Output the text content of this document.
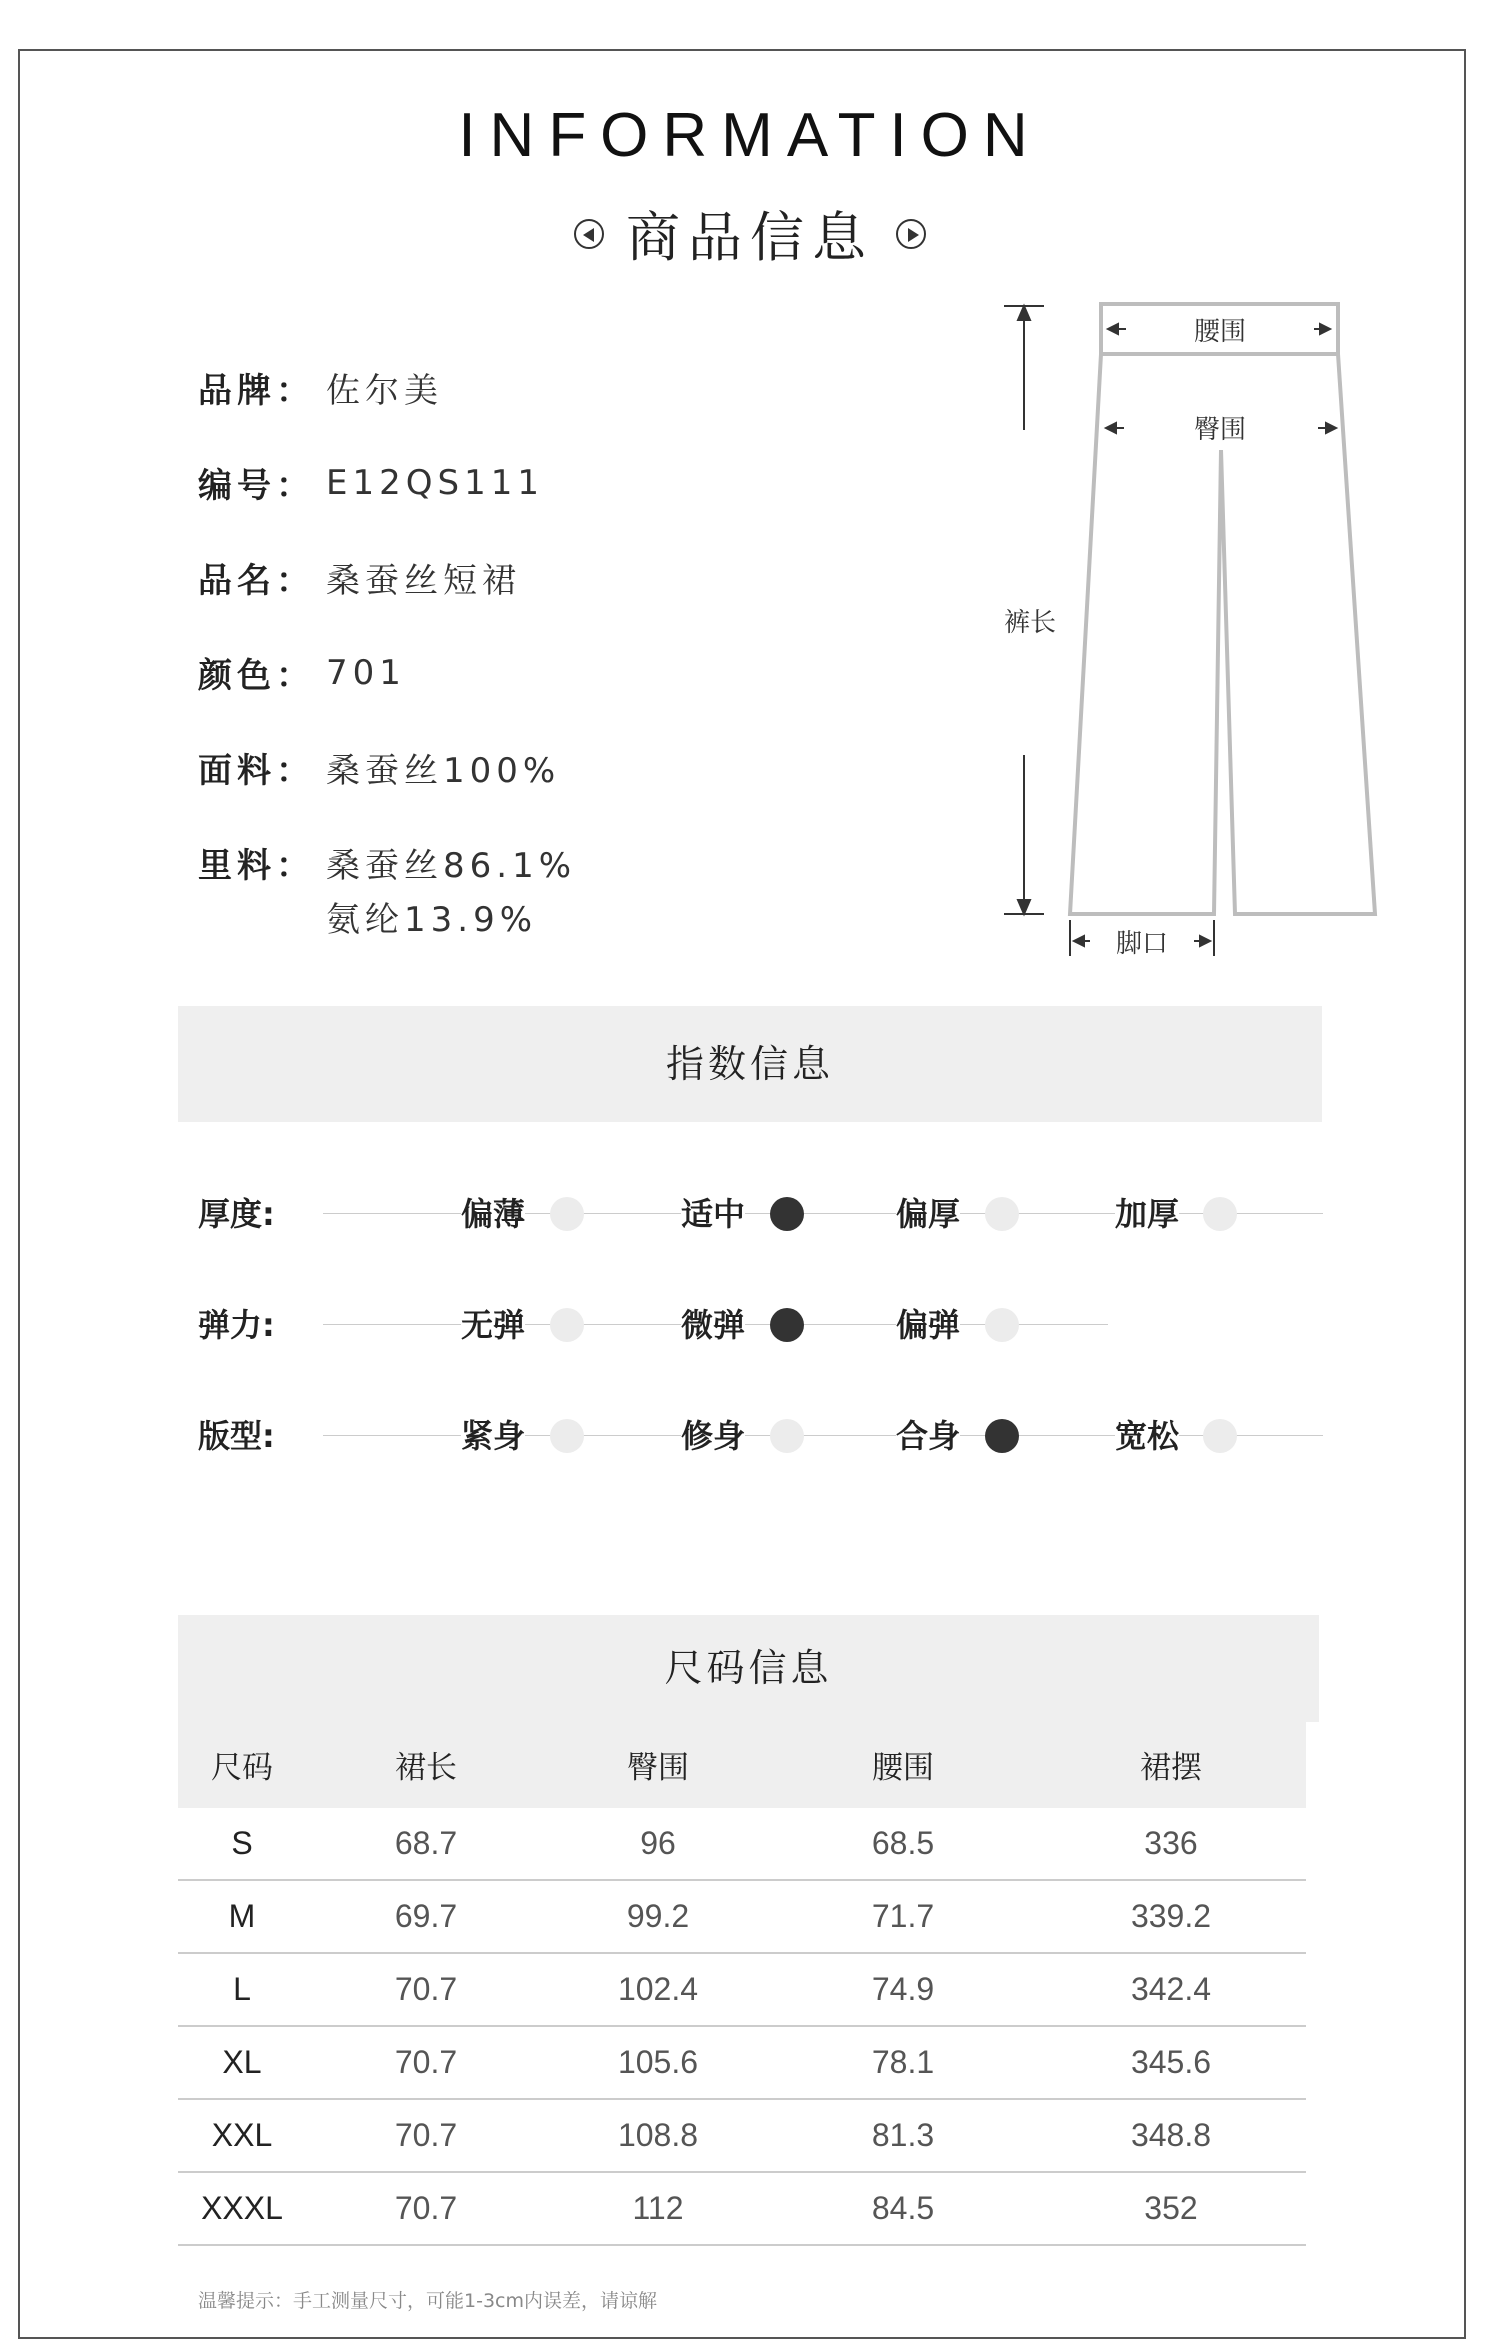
INFORMATION
商品信息
品牌： 佐尔美
编号： E12QS111
品名： 桑蚕丝短裙
颜色： 701
面料： 桑蚕丝100%
里料： 桑蚕丝86.1%
氨纶13.9%
腰围
臀围
裤长
脚口
指数信息
厚度:	偏薄	适中	偏厚	加厚
弹力:	无弹	微弹	偏弹
版型:	紧身	修身	合身	宽松
尺码信息
尺码	裙长	臀围	腰围	裙摆
S	68.7	96	68.5	336
M	69.7	99.2	71.7	339.2
L	70.7	102.4	74.9	342.4
XL	70.7	105.6	78.1	345.6
XXL	70.7	108.8	81.3	348.8
XXXL	70.7	112	84.5	352
温馨提示：手工测量尺寸，可能1-3cm内误差，请谅解
